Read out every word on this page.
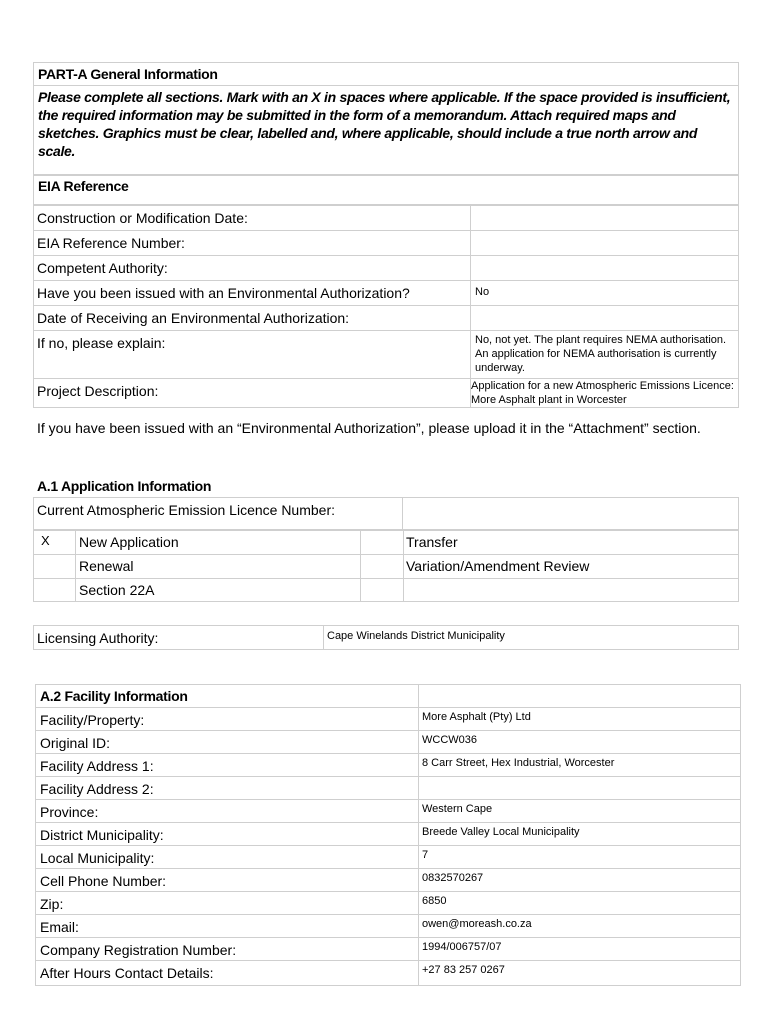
PART-A General Information
Please complete all sections. Mark with an X in spaces where applicable. If the space provided is insufficient, the required information may be submitted in the form of a memorandum. Attach required maps and sketches. Graphics must be clear, labelled and, where applicable, should include a true north arrow and scale.
EIA Reference
Construction or Modification Date:
EIA Reference Number:
Competent Authority:
Have you been issued with an Environmental Authorization?	No
Date of Receiving an Environmental Authorization:
If no, please explain:	No, not yet. The plant requires NEMA authorisation. An application for NEMA authorisation is currently underway.
Project Description:	Application for a new Atmospheric Emissions Licence: More Asphalt plant in Worcester
If you have been issued with an “Environmental Authorization”, please upload it in the “Attachment” section.
A.1 Application Information
Current Atmospheric Emission Licence Number:
X New Application	Transfer
Renewal	Variation/Amendment Review
Section 22A
Licensing Authority:	Cape Winelands District Municipality
A.2 Facility Information
Facility/Property:	More Asphalt (Pty) Ltd
Original ID:	WCCW036
Facility Address 1:	8 Carr Street, Hex Industrial, Worcester
Facility Address 2:
Province:	Western Cape
District Municipality:	Breede Valley Local Municipality
Local Municipality:	7
Cell Phone Number:	0832570267
Zip:	6850
Email:	owen@moreash.co.za
Company Registration Number:	1994/006757/07
After Hours Contact Details:	+27 83 257 0267
